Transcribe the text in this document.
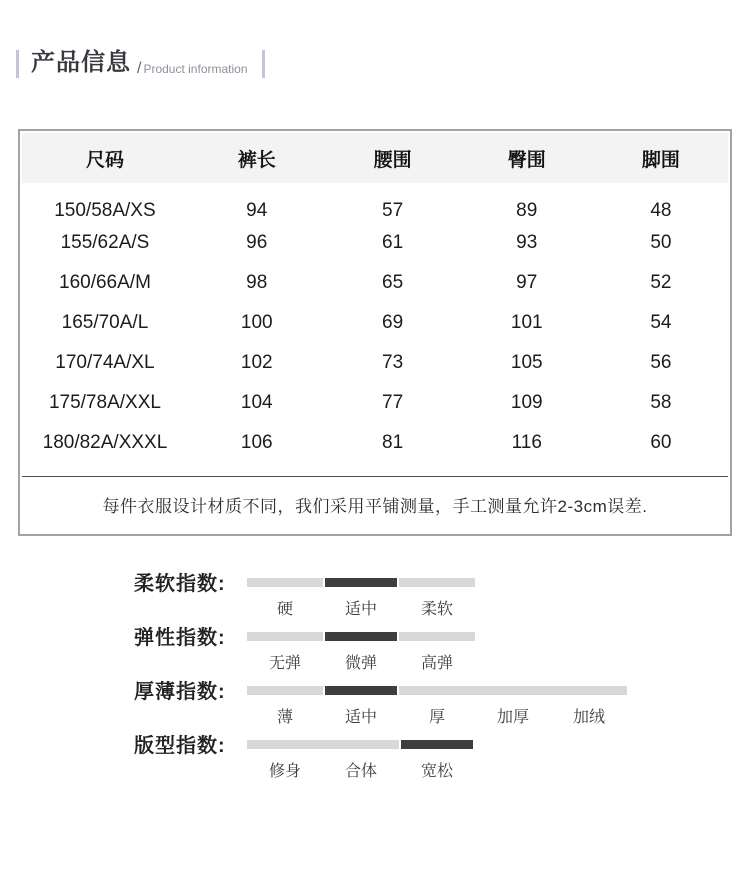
产品信息 / Product information
尺码	裤长	腰围	臀围	脚围
150/58A/XS	94	57	89	48
155/62A/S	96	61	93	50
160/66A/M	98	65	97	52
165/70A/L	100	69	101	54
170/74A/XL	102	73	105	56
175/78A/XXL	104	77	109	58
180/82A/XXXL	106	81	116	60
每件衣服设计材质不同，我们采用平铺测量，手工测量允许2-3cm误差.
柔软指数:
硬	适中	柔软
弹性指数:
无弹	微弹	高弹
厚薄指数:
薄	适中	厚	加厚	加绒
版型指数:
修身	合体	宽松
